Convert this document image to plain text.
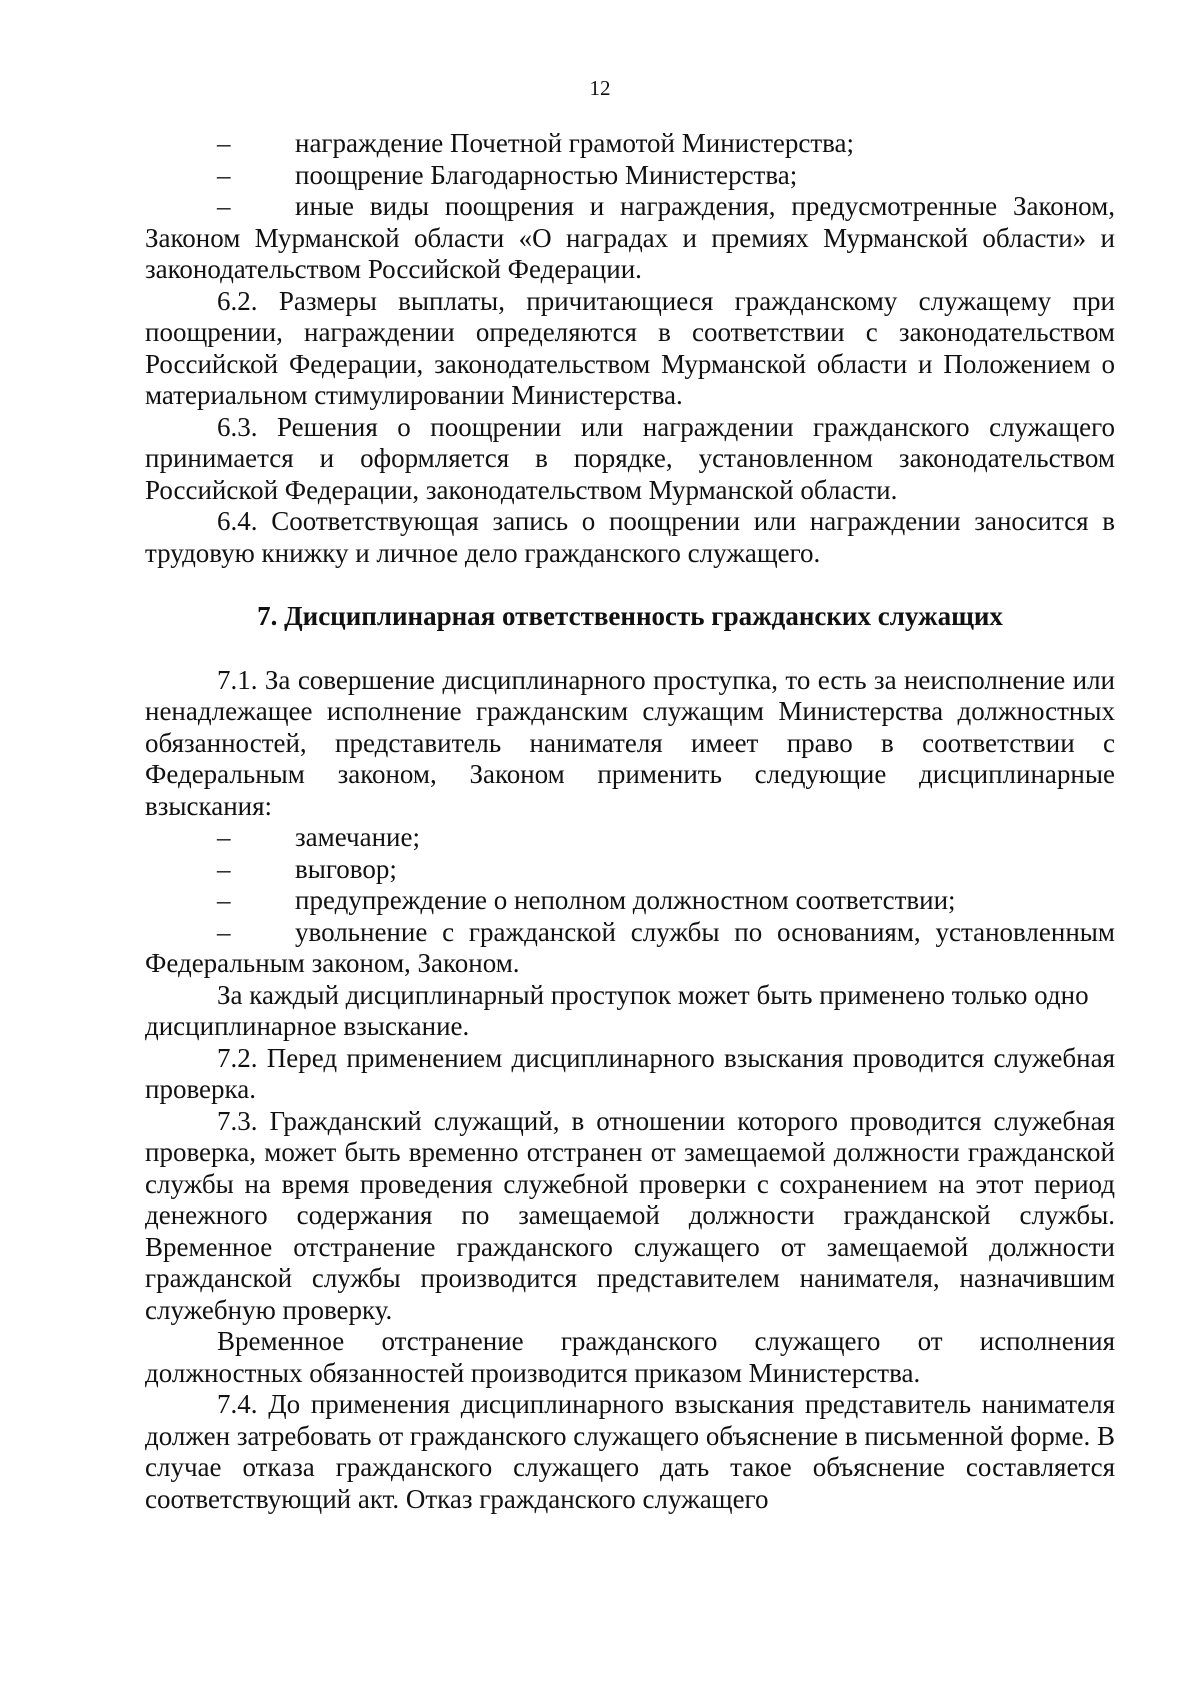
12
–	награждение Почетной грамотой Министерства;
–	поощрение Благодарностью Министерства;
– иные виды поощрения и награждения, предусмотренные Законом, Законом Мурманской области «О наградах и премиях Мурманской области» и законодательством Российской Федерации.
6.2. Размеры выплаты, причитающиеся гражданскому служащему при поощрении, награждении определяются в соответствии с законодательством Российской Федерации, законодательством Мурманской области и Положением о материальном стимулировании Министерства.
6.3. Решения о поощрении или награждении гражданского служащего принимается и оформляется в порядке, установленном законодательством Российской Федерации, законодательством Мурманской области.
6.4. Соответствующая запись о поощрении или награждении заносится в трудовую книжку и личное дело гражданского служащего.
7. Дисциплинарная ответственность гражданских служащих
7.1. За совершение дисциплинарного проступка, то есть за неисполнение или ненадлежащее исполнение гражданским служащим Министерства должностных обязанностей, представитель нанимателя имеет право в соответствии с Федеральным законом, Законом применить следующие дисциплинарные взыскания:
–	замечание;
–	выговор;
–	предупреждение о неполном должностном соответствии;
– увольнение с гражданской службы по основаниям, установленным Федеральным законом, Законом.
За каждый дисциплинарный проступок может быть применено только одно дисциплинарное взыскание.
7.2. Перед применением дисциплинарного взыскания проводится служебная проверка.
7.3. Гражданский служащий, в отношении которого проводится служебная проверка, может быть временно отстранен от замещаемой должности гражданской службы на время проведения служебной проверки с сохранением на этот период денежного содержания по замещаемой должности гражданской службы. Временное отстранение гражданского служащего от замещаемой должности гражданской службы производится представителем нанимателя, назначившим служебную проверку.
Временное отстранение гражданского служащего от исполнения должностных обязанностей производится приказом Министерства.
7.4. До применения дисциплинарного взыскания представитель нанимателя должен затребовать от гражданского служащего объяснение в письменной форме. В случае отказа гражданского служащего дать такое объяснение составляется соответствующий акт. Отказ гражданского служащего
